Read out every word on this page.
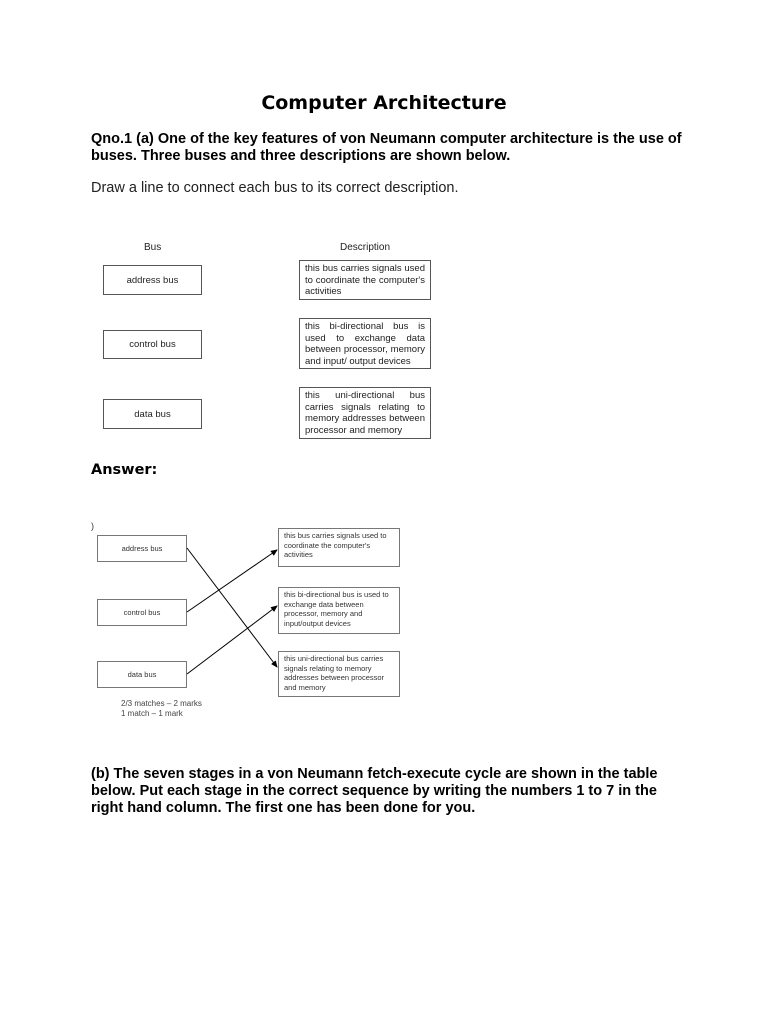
Computer Architecture
Qno.1 (a) One of the key features of von Neumann computer architecture is the use of buses. Three buses and three descriptions are shown below.
Draw a line to connect each bus to its correct description.
Bus	Description
address bus
control bus
data bus
this bus carries signals used to coordinate the computer's activities
this bi-directional bus is used to exchange data between processor, memory and input/ output devices
this uni-directional bus carries signals relating to memory addresses between processor and memory
Answer:
)
address bus
control bus
data bus
this bus carries signals used to coordinate the computer's activities
this bi-directional bus is used to exchange data between processor, memory and input/output devices
this uni-directional bus carries signals relating to memory addresses between processor and memory
2/3 matches – 2 marks
1 match – 1 mark
(b) The seven stages in a von Neumann fetch-execute cycle are shown in the table below. Put each stage in the correct sequence by writing the numbers 1 to 7 in the right hand column. The first one has been done for you.
